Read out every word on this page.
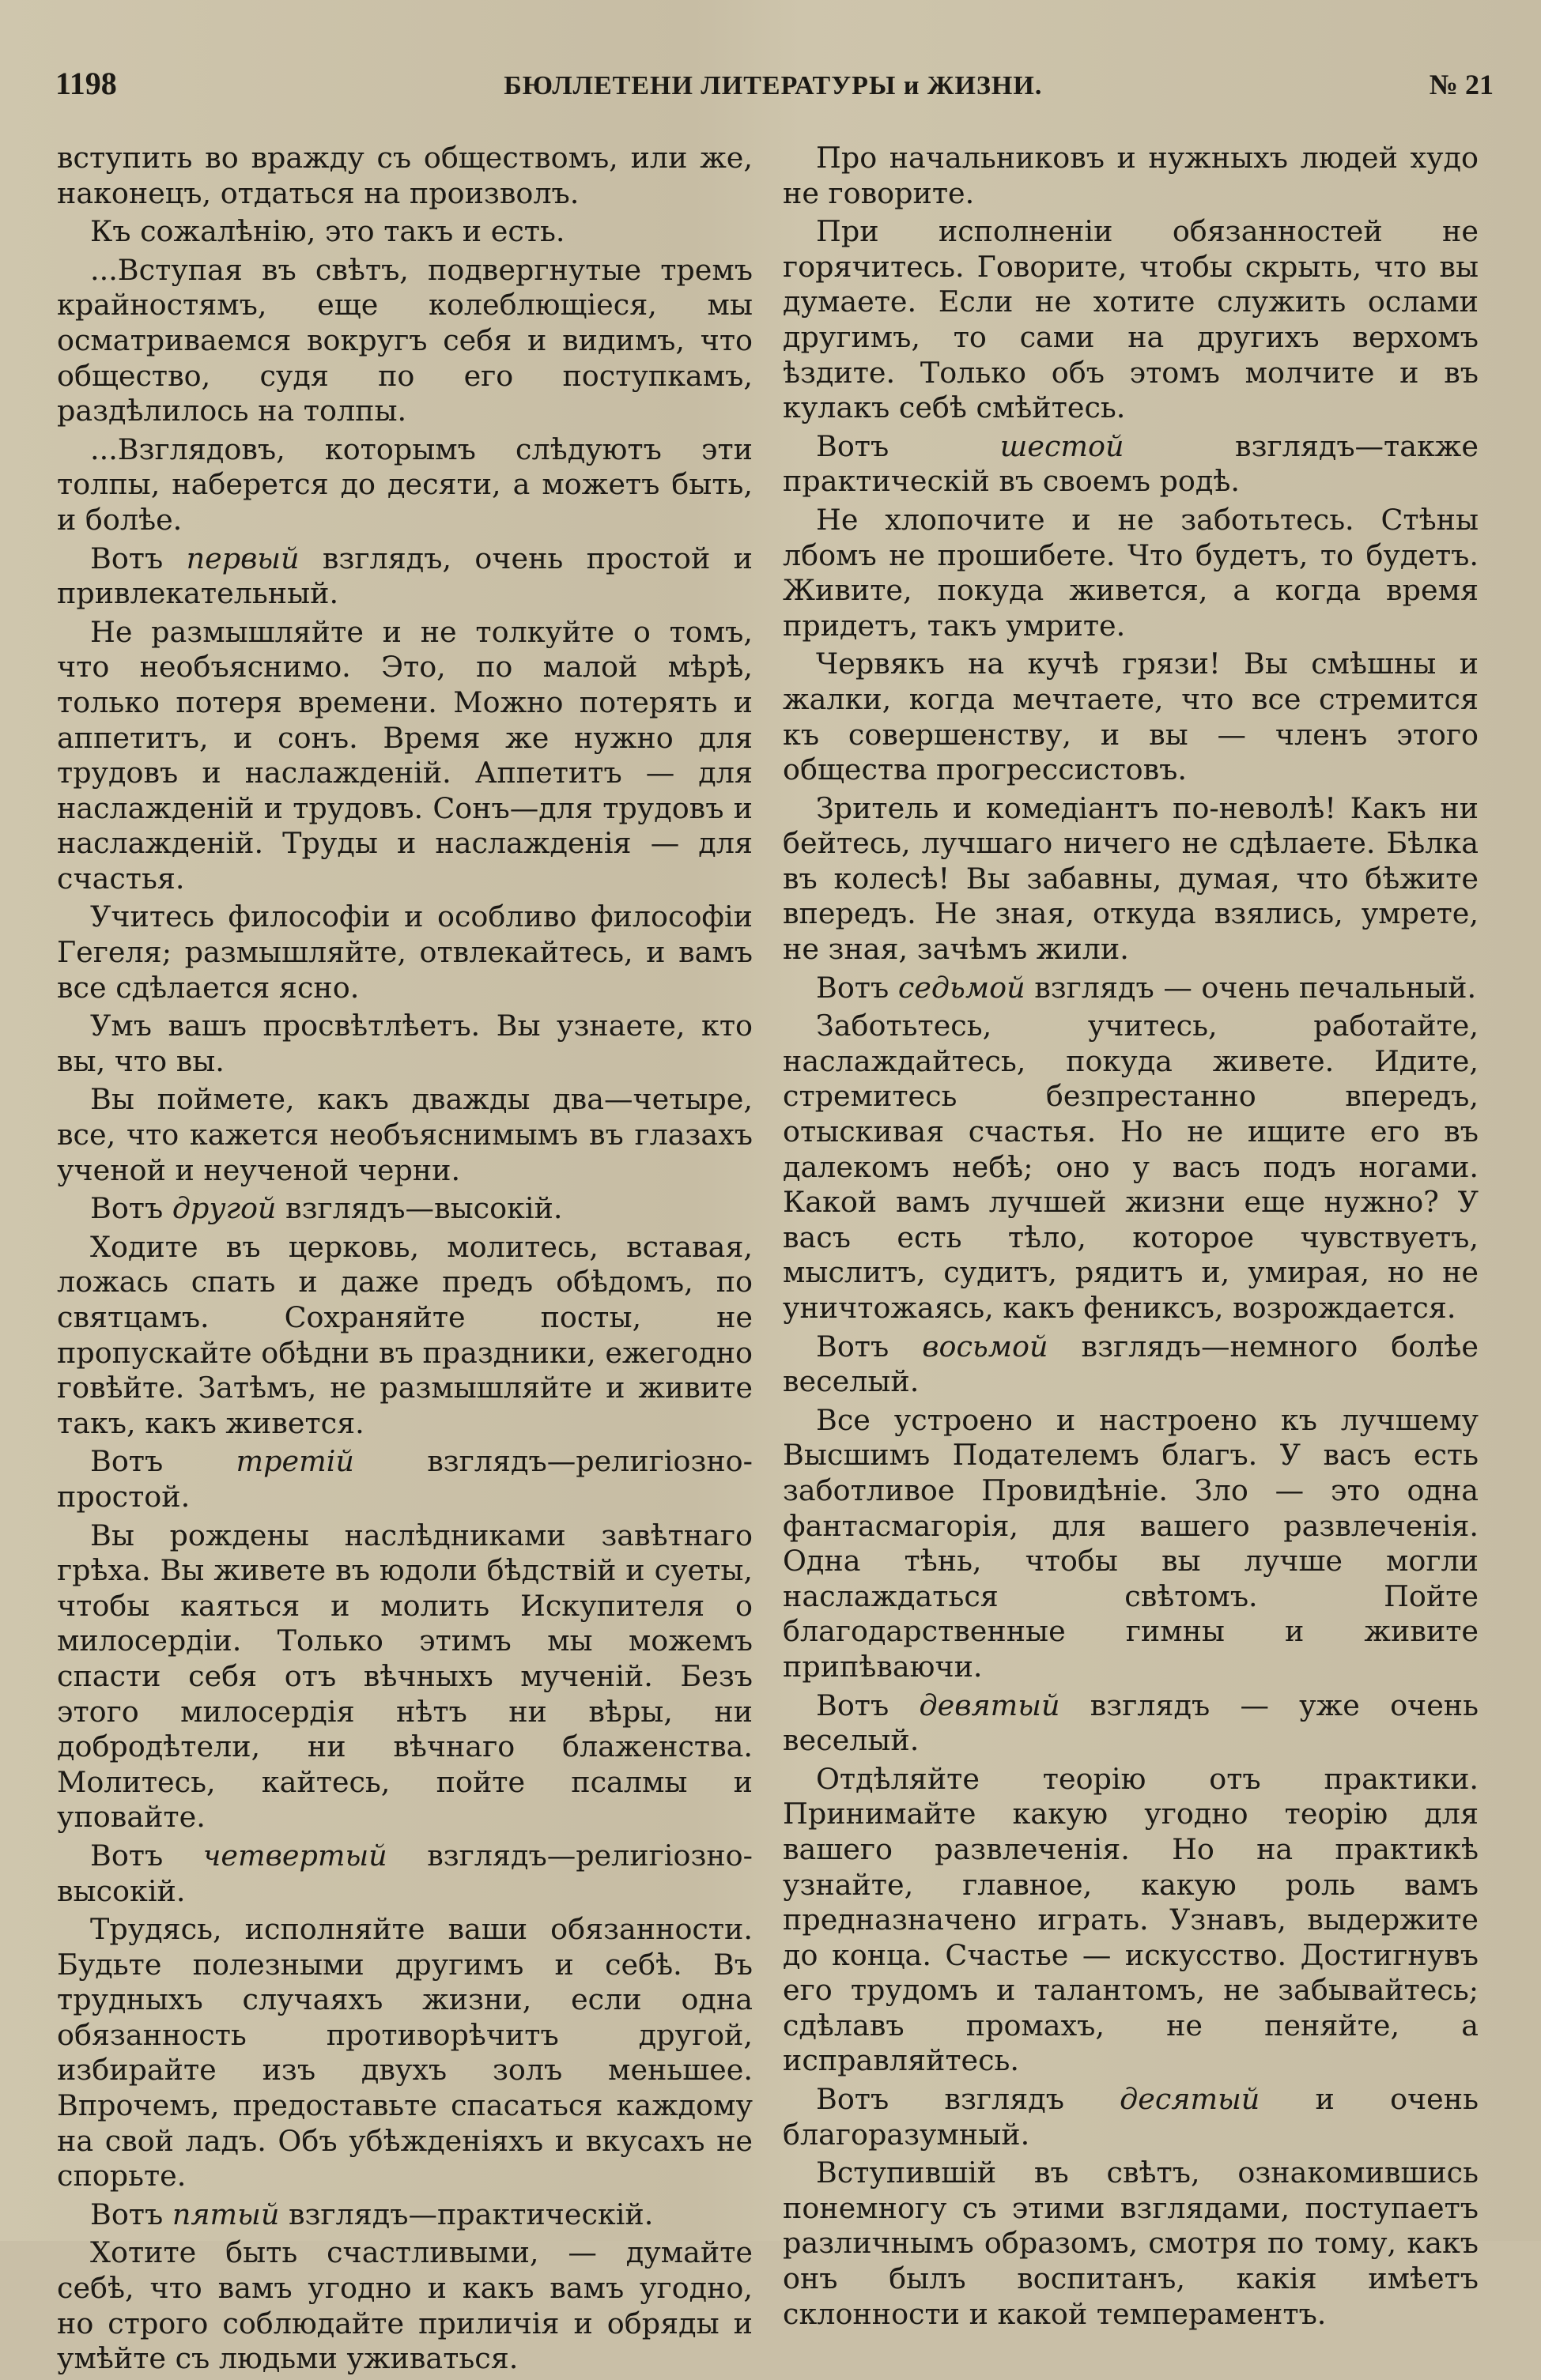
1198	БЮЛЛЕТЕНИ ЛИТЕРАТУРЫ и ЖИЗНИ.	№ 21

вступить во вражду съ обществомъ, или же, наконецъ, отдаться на произволъ.

Къ сожалѣнію, это такъ и есть.

...Вступая въ свѣтъ, подвергнутые тремъ крайностямъ, еще колеблющіеся, мы осматриваемся вокругъ себя и видимъ, что общество, судя по его поступкамъ, раздѣлилось на толпы.

...Взглядовъ, которымъ слѣдуютъ эти толпы, наберется до десяти, а можетъ быть, и болѣе.

Вотъ первый взглядъ, очень простой и привлекательный.

Не размышляйте и не толкуйте о томъ, что необъяснимо. Это, по малой мѣрѣ, только потеря времени. Можно потерять и аппетитъ, и сонъ. Время же нужно для трудовъ и наслажденій. Аппетитъ — для наслажденій и трудовъ. Сонъ—для трудовъ и наслажденій. Труды и наслажденія — для счастья.

Учитесь философіи и особливо философіи Гегеля; размышляйте, отвлекайтесь, и вамъ все сдѣлается ясно.

Умъ вашъ просвѣтлѣетъ. Вы узнаете, кто вы, что вы.

Вы поймете, какъ дважды два—четыре, все, что кажется необъяснимымъ въ глазахъ ученой и неученой черни.

Вотъ другой взглядъ—высокій.

Ходите въ церковь, молитесь, вставая, ложась спать и даже предъ обѣдомъ, по святцамъ. Сохраняйте посты, не пропускайте обѣдни въ праздники, ежегодно говѣйте. Затѣмъ, не размышляйте и живите такъ, какъ живется.

Вотъ третій взглядъ—религіозно-простой.

Вы рождены наслѣдниками завѣтнаго грѣха. Вы живете въ юдоли бѣдствій и суеты, чтобы каяться и молить Искупителя о милосердіи. Только этимъ мы можемъ спасти себя отъ вѣчныхъ мученій. Безъ этого милосердія нѣтъ ни вѣры, ни добродѣтели, ни вѣчнаго блаженства. Молитесь, кайтесь, пойте псалмы и уповайте.

Вотъ четвертый взглядъ—религіозно-высокій.

Трудясь, исполняйте ваши обязанности. Будьте полезными другимъ и себѣ. Въ трудныхъ случаяхъ жизни, если одна обязанность противорѣчитъ другой, избирайте изъ двухъ золъ меньшее. Впрочемъ, предоставьте спасаться каждому на свой ладъ. Объ убѣжденіяхъ и вкусахъ не спорьте.

Вотъ пятый взглядъ—практическій.

Хотите быть счастливыми, — думайте себѣ, что вамъ угодно и какъ вамъ угодно, но строго соблюдайте приличія и обряды и умѣйте съ людьми уживаться.

Про начальниковъ и нужныхъ людей худо не говорите.

При исполненіи обязанностей не горячитесь. Говорите, чтобы скрыть, что вы думаете. Если не хотите служить ослами другимъ, то сами на другихъ верхомъ ѣздите. Только объ этомъ молчите и въ кулакъ себѣ смѣйтесь.

Вотъ шестой взглядъ—также практическій въ своемъ родѣ.

Не хлопочите и не заботьтесь. Стѣны лбомъ не прошибете. Что будетъ, то будетъ. Живите, покуда живется, а когда время придетъ, такъ умрите.

Червякъ на кучѣ грязи! Вы смѣшны и жалки, когда мечтаете, что все стремится къ совершенству, и вы — членъ этого общества прогрессистовъ.

Зритель и комедіантъ по-неволѣ! Какъ ни бейтесь, лучшаго ничего не сдѣлаете. Бѣлка въ колесѣ! Вы забавны, думая, что бѣжите впередъ. Не зная, откуда взялись, умрете, не зная, зачѣмъ жили.

Вотъ седьмой взглядъ — очень печальный.

Заботьтесь, учитесь, работайте, наслаждайтесь, покуда живете. Идите, стремитесь безпрестанно впередъ, отыскивая счастья. Но не ищите его въ далекомъ небѣ; оно у васъ подъ ногами. Какой вамъ лучшей жизни еще нужно? У васъ есть тѣло, которое чувствуетъ, мыслитъ, судитъ, рядитъ и, умирая, но не уничтожаясь, какъ фениксъ, возрождается.

Вотъ восьмой взглядъ—немного болѣе веселый.

Все устроено и настроено къ лучшему Высшимъ Подателемъ благъ. У васъ есть заботливое Провидѣніе. Зло — это одна фантасмагорія, для вашего развлеченія. Одна тѣнь, чтобы вы лучше могли наслаждаться свѣтомъ. Пойте благодарственные гимны и живите припѣваючи.

Вотъ девятый взглядъ — уже очень веселый.

Отдѣляйте теорію отъ практики. Принимайте какую угодно теорію для вашего развлеченія. Но на практикѣ узнайте, главное, какую роль вамъ предназначено играть. Узнавъ, выдержите до конца. Счастье — искусство. Достигнувъ его трудомъ и талантомъ, не забывайтесь; сдѣлавъ промахъ, не пеняйте, а исправляйтесь.

Вотъ взглядъ десятый и очень благоразумный.

Вступившій въ свѣтъ, ознакомившись понемногу съ этими взглядами, поступаетъ различнымъ образомъ, смотря по тому, какъ онъ былъ воспитанъ, какія имѣетъ склонности и какой темпераментъ.
